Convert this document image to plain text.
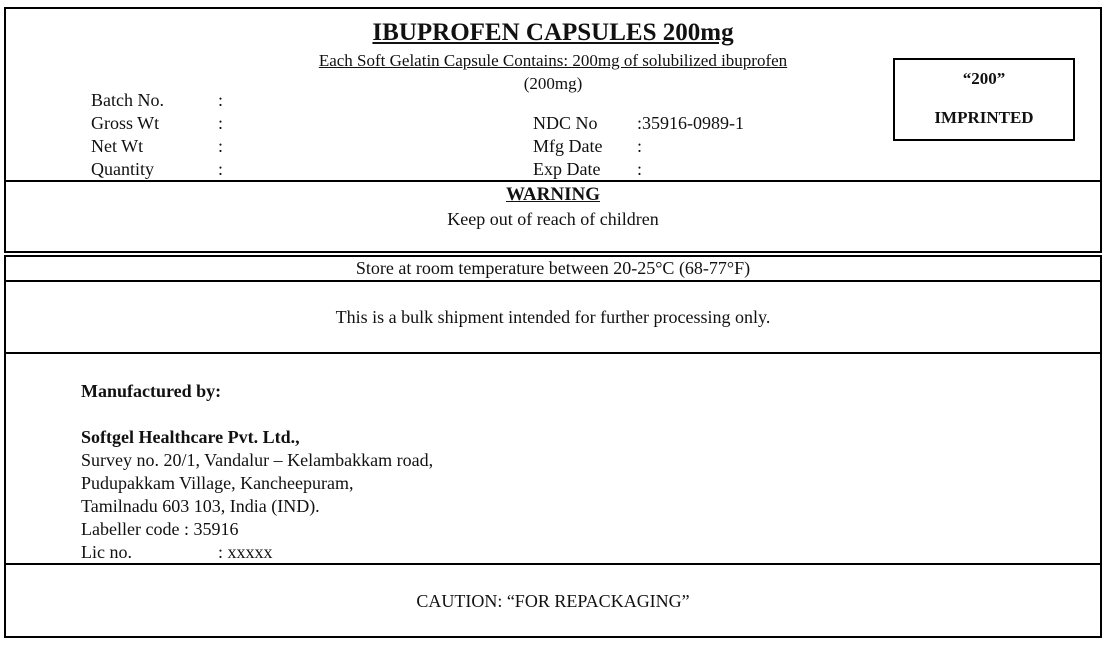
IBUPROFEN CAPSULES 200mg
Each Soft Gelatin Capsule Contains: 200mg of solubilized ibuprofen
(200mg)
Batch No.	:
Gross Wt	:
Net Wt	:
Quantity	:
NDC No :35916-0989-1
Mfg Date :
Exp Date :
“200”
IMPRINTED
WARNING
Keep out of reach of children
Store at room temperature between 20-25°C (68-77°F)
This is a bulk shipment intended for further processing only.
Manufactured by:
Softgel Healthcare Pvt. Ltd.,
Survey no. 20/1, Vandalur – Kelambakkam road,
Pudupakkam Village, Kancheepuram,
Tamilnadu 603 103, India (IND).
Labeller code : 35916
Lic no.	: xxxxx
CAUTION: “FOR REPACKAGING”
